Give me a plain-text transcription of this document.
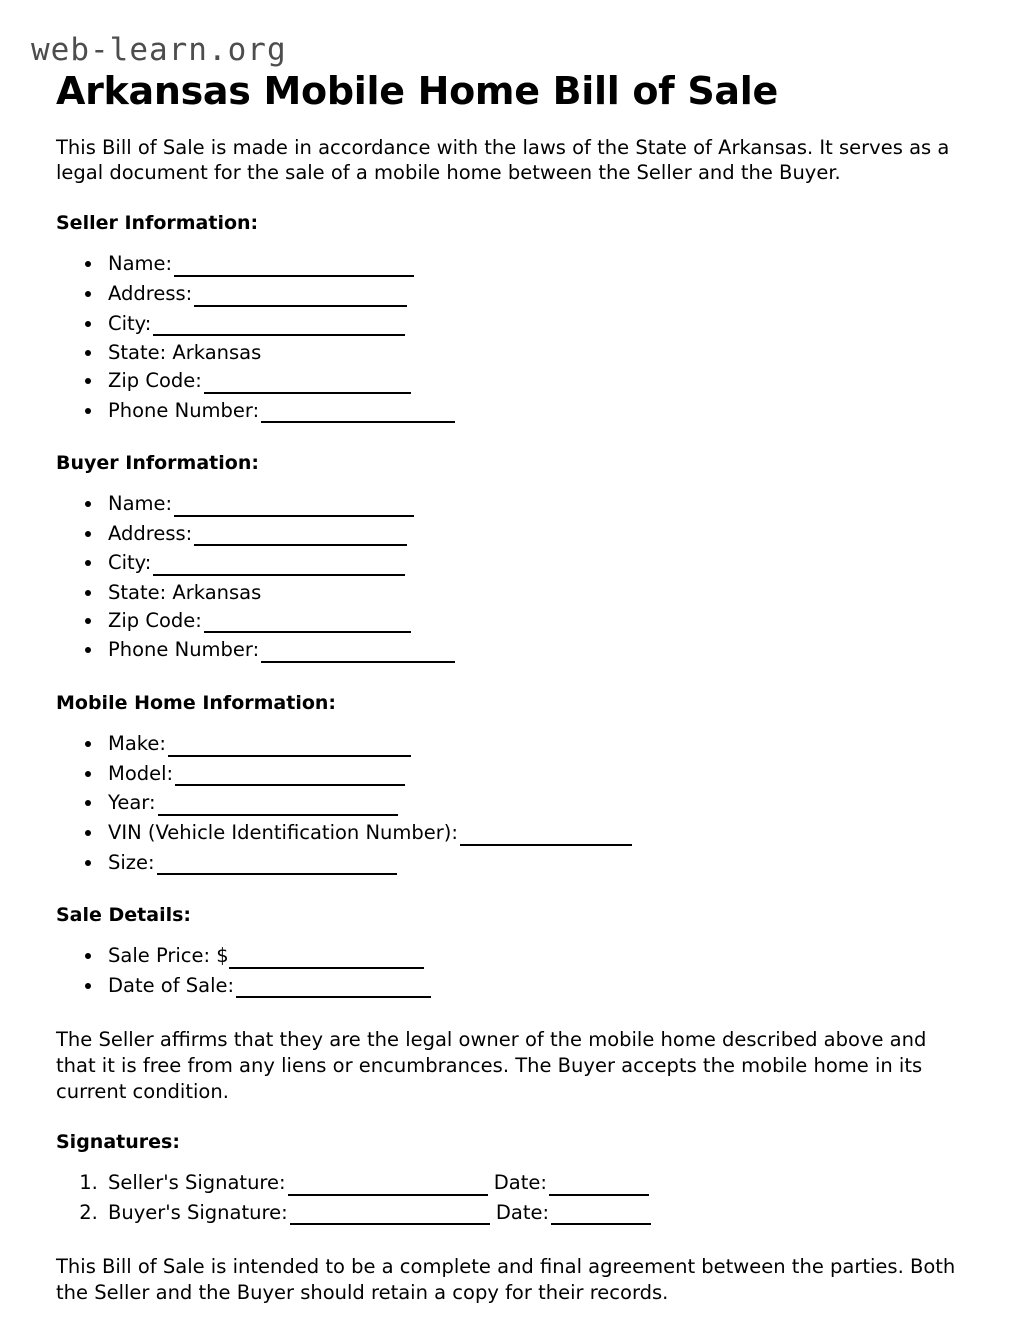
web-learn.org
Arkansas Mobile Home Bill of Sale

This Bill of Sale is made in accordance with the laws of the State of Arkansas. It serves as a legal document for the sale of a mobile home between the Seller and the Buyer.

Seller Information:
• Name:
• Address:
• City:
• State: Arkansas
• Zip Code:
• Phone Number:
Buyer Information:
• Name:
• Address:
• City:
• State: Arkansas
• Zip Code:
• Phone Number:
Mobile Home Information:
• Make:
• Model:
• Year:
• VIN (Vehicle Identification Number):
• Size:
Sale Details:
• Sale Price: $
• Date of Sale:

The Seller affirms that they are the legal owner of the mobile home described above and that it is free from any liens or encumbrances. The Buyer accepts the mobile home in its current condition.

Signatures:
1. Seller's Signature:	Date:
2. Buyer's Signature:	Date:

This Bill of Sale is intended to be a complete and final agreement between the parties. Both the Seller and the Buyer should retain a copy for their records.
